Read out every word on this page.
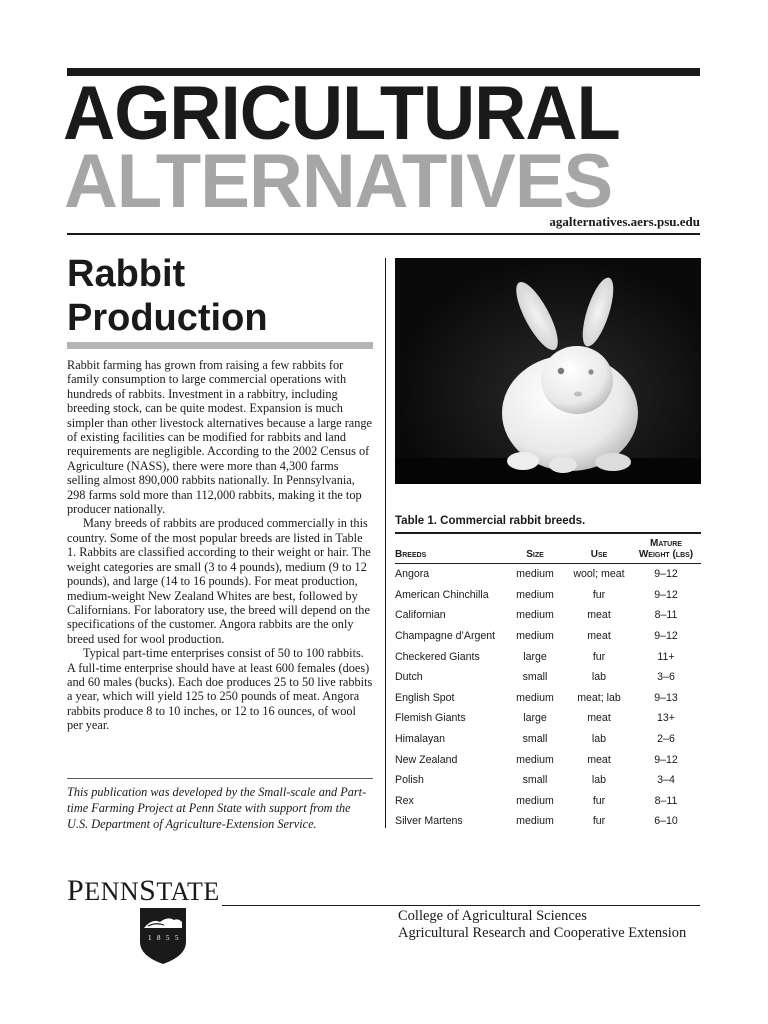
AGRICULTURAL
ALTERNATIVES
agalternatives.aers.psu.edu
Rabbit
Production

Rabbit farming has grown from raising a few rabbits for family consumption to large commercial operations with hundreds of rabbits. Investment in a rabbitry, including breeding stock, can be quite modest. Expansion is much simpler than other livestock alternatives because a large range of existing facilities can be modified for rabbits and land requirements are negligible. According to the 2002 Census of Agriculture (NASS), there were more than 4,300 farms selling almost 890,000 rabbits nationally. In Pennsylvania, 298 farms sold more than 112,000 rabbits, making it the top producer nationally.

Many breeds of rabbits are produced commercially in this country. Some of the most popular breeds are listed in Table 1. Rabbits are classified according to their weight or hair. The weight categories are small (3 to 4 pounds), medium (9 to 12 pounds), and large (14 to 16 pounds). For meat production, medium-weight New Zealand Whites are best, followed by Californians. For laboratory use, the breed will depend on the specifications of the customer. Angora rabbits are the only breed used for wool production.

Typical part-time enterprises consist of 50 to 100 rabbits. A full-time enterprise should have at least 600 females (does) and 60 males (bucks). Each doe produces 25 to 50 live rabbits a year, which will yield 125 to 250 pounds of meat. Angora rabbits produce 8 to 10 inches, or 12 to 16 ounces, of wool per year.

This publication was developed by the Small-scale and Part-time Farming Project at Penn State with support from the U.S. Department of Agriculture-Extension Service.
Table 1. Commercial rabbit breeds.
Breeds	Size	Use	Mature
Weight (lbs)

Angora	medium	wool; meat	9–12
American Chinchilla	medium	fur	9–12
Californian	medium	meat	8–11
Champagne d’Argent	medium	meat	9–12
Checkered Giants	large	fur	11+
Dutch	small	lab	3–6
English Spot	medium	meat; lab	9–13
Flemish Giants	large	meat	13+
Himalayan	small	lab	2–6
New Zealand	medium	meat	9–12
Polish	small	lab	3–4
Rex	medium	fur	8–11
Silver Martens	medium	fur	6–10
PENNSTATE
1 8 5 5
College of Agricultural Sciences
Agricultural Research and Cooperative Extension
